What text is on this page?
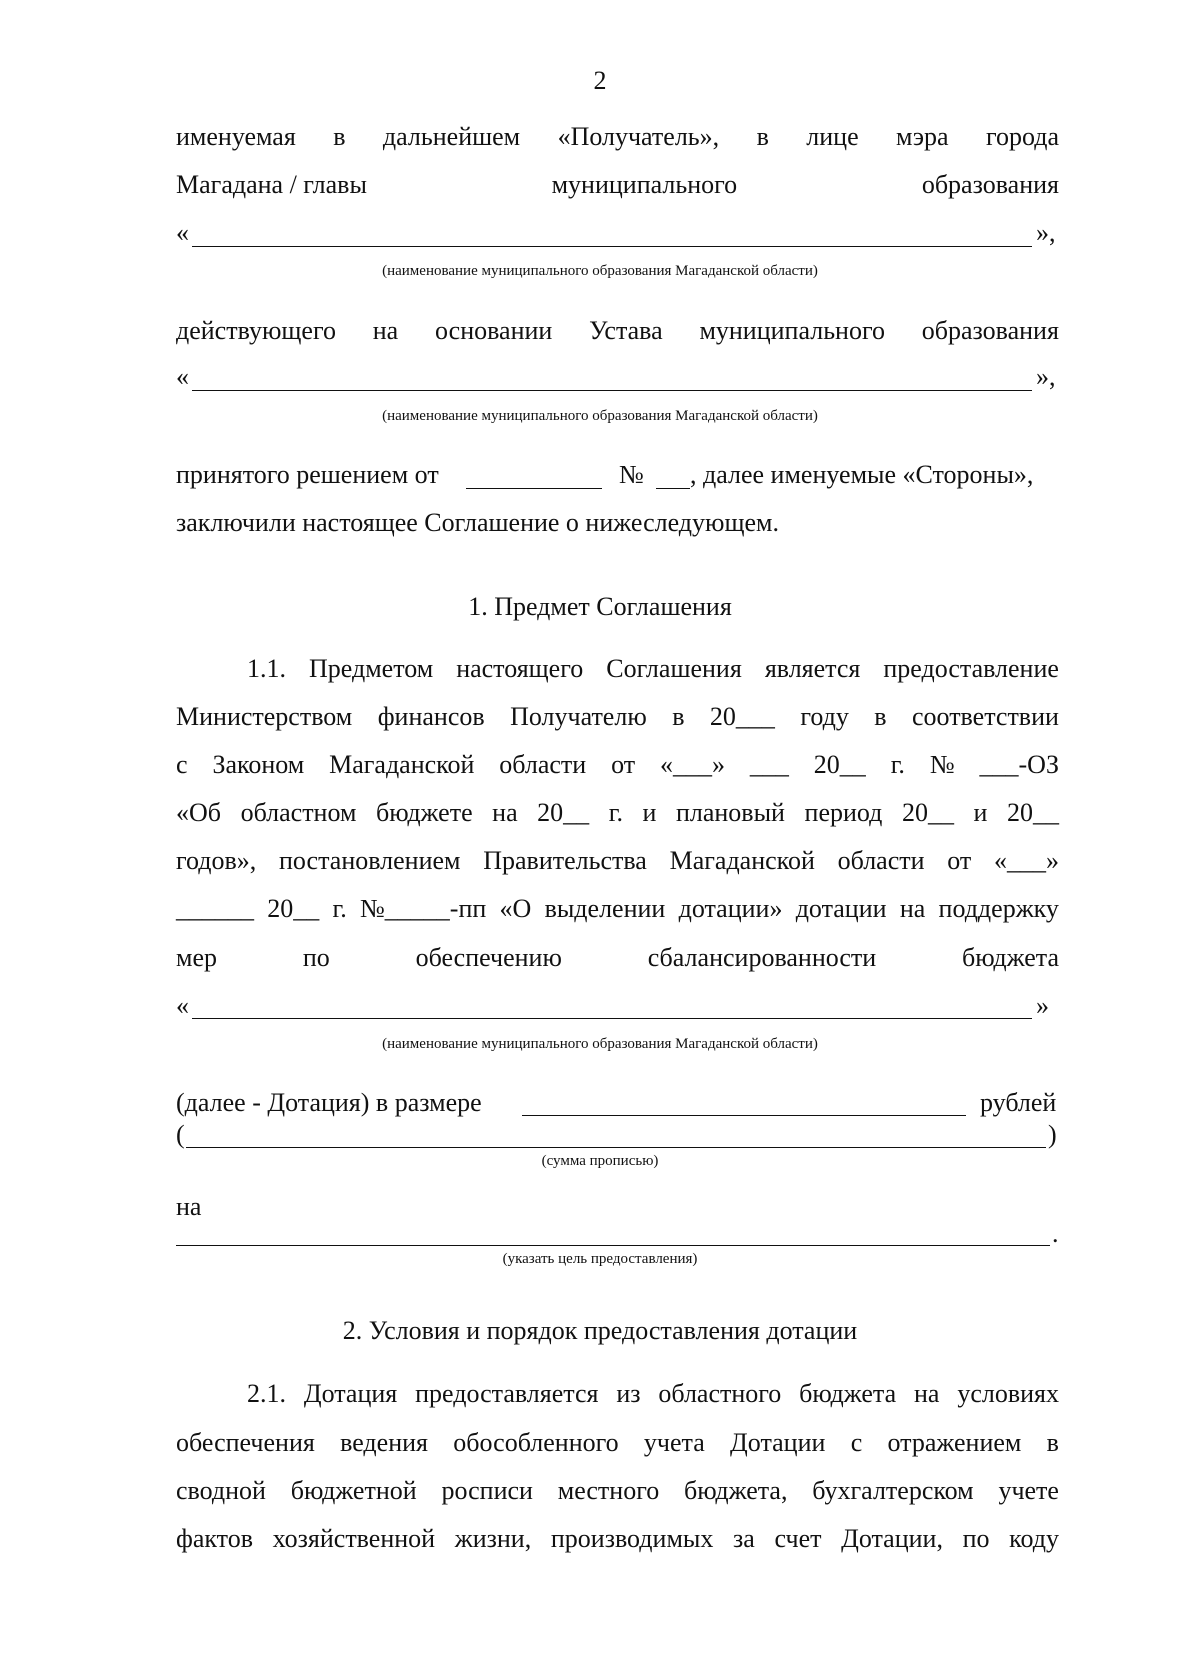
2
именуемая в дальнейшем «Получатель», в лице мэра города
Магадана / главы	муниципального	образования
«	»,
(наименование муниципального образования Магаданской области)
действующего на основании Устава муниципального образования
«	»,
(наименование муниципального образования Магаданской области)
принятого решением от	№ , далее именуемые «Стороны»,
заключили настоящее Соглашение о нижеследующем.
1. Предмет Соглашения
1.1. Предметом настоящего Соглашения является предоставление
Министерством финансов Получателю в 20___ году в соответствии
с Законом Магаданской области от «___» ___ 20__ г. № ___-ОЗ
«Об областном бюджете на 20__ г. и плановый период 20__ и 20__
годов», постановлением Правительства Магаданской области от «___»
______ 20__ г. №_____-пп «О выделении дотации» дотации на поддержку
мер	по	обеспечению	сбалансированности	бюджета
«	»
(наименование муниципального образования Магаданской области)
(далее - Дотация) в размере	рублей
(	)
(сумма прописью)
на
.
(указать цель предоставления)
2. Условия и порядок предоставления дотации
2.1. Дотация предоставляется из областного бюджета на условиях
обеспечения ведения обособленного учета Дотации с отражением в
сводной бюджетной росписи местного бюджета, бухгалтерском учете
фактов хозяйственной жизни, производимых за счет Дотации, по коду
